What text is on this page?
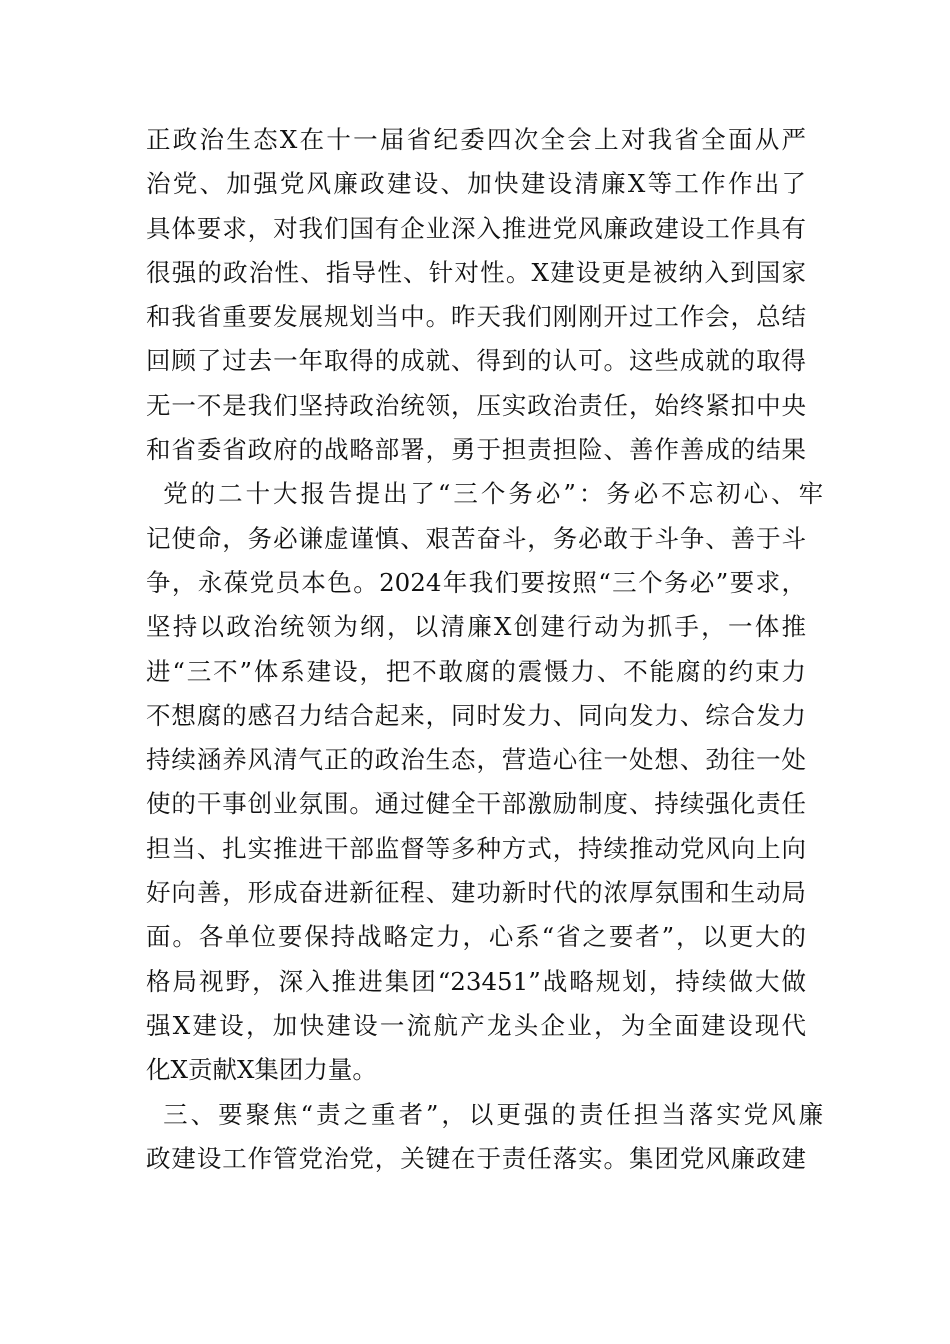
正政治生态X在十一届省纪委四次全会上对我省全面从严
治党、加强党风廉政建设、加快建设清廉X等工作作出了
具体要求，对我们国有企业深入推进党风廉政建设工作具有
很强的政治性、指导性、针对性。X建设更是被纳入到国家
和我省重要发展规划当中。昨天我们刚刚开过工作会，总结
回顾了过去一年取得的成就、得到的认可。这些成就的取得
无一不是我们坚持政治统领，压实政治责任，始终紧扣中央
和省委省政府的战略部署，勇于担责担险、善作善成的结果
党的二十大报告提出了“三个务必”：务必不忘初心、牢
记使命，务必谦虚谨慎、艰苦奋斗，务必敢于斗争、善于斗
争，永葆党员本色。2024年我们要按照“三个务必”要求，
坚持以政治统领为纲，以清廉X创建行动为抓手，一体推
进“三不”体系建设，把不敢腐的震慑力、不能腐的约束力
不想腐的感召力结合起来，同时发力、同向发力、综合发力
持续涵养风清气正的政治生态，营造心往一处想、劲往一处
使的干事创业氛围。通过健全干部激励制度、持续强化责任
担当、扎实推进干部监督等多种方式，持续推动党风向上向
好向善，形成奋进新征程、建功新时代的浓厚氛围和生动局
面。各单位要保持战略定力，心系“省之要者”，以更大的
格局视野，深入推进集团“23451”战略规划，持续做大做
强X建设，加快建设一流航产龙头企业，为全面建设现代
化X贡献X集团力量。
三、要聚焦“责之重者”，以更强的责任担当落实党风廉
政建设工作管党治党，关键在于责任落实。集团党风廉政建
